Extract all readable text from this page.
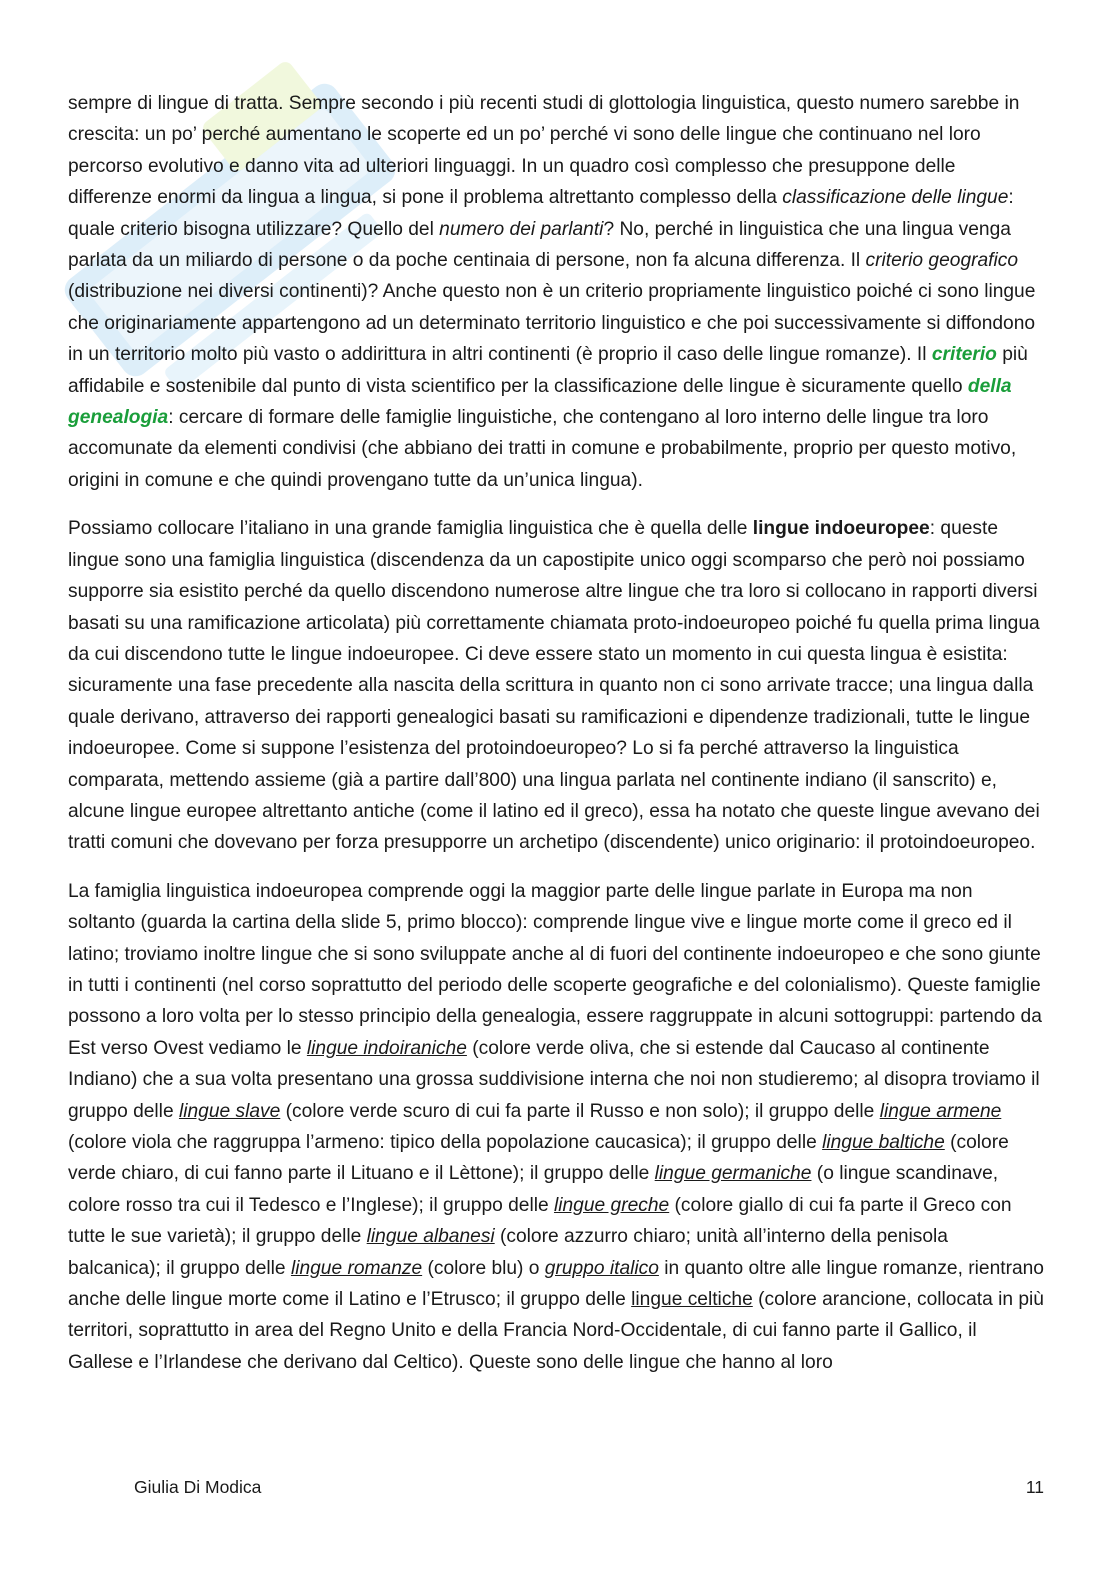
sempre di lingue di tratta. Sempre secondo i più recenti studi di glottologia linguistica, questo numero sarebbe in crescita: un po’ perché aumentano le scoperte ed un po’ perché vi sono delle lingue che continuano nel loro percorso evolutivo e danno vita ad ulteriori linguaggi. In un quadro così complesso che presuppone delle differenze enormi da lingua a lingua, si pone il problema altrettanto complesso della classificazione delle lingue: quale criterio bisogna utilizzare? Quello del numero dei parlanti? No, perché in linguistica che una lingua venga parlata da un miliardo di persone o da poche centinaia di persone, non fa alcuna differenza. Il criterio geografico (distribuzione nei diversi continenti)? Anche questo non è un criterio propriamente linguistico poiché ci sono lingue che originariamente appartengono ad un determinato territorio linguistico e che poi successivamente si diffondono in un territorio molto più vasto o addirittura in altri continenti (è proprio il caso delle lingue romanze). Il criterio più affidabile e sostenibile dal punto di vista scientifico per la classificazione delle lingue è sicuramente quello della genealogia: cercare di formare delle famiglie linguistiche, che contengano al loro interno delle lingue tra loro accomunate da elementi condivisi (che abbiano dei tratti in comune e probabilmente, proprio per questo motivo, origini in comune e che quindi provengano tutte da un’unica lingua).

Possiamo collocare l’italiano in una grande famiglia linguistica che è quella delle lingue indoeuropee: queste lingue sono una famiglia linguistica (discendenza da un capostipite unico oggi scomparso che però noi possiamo supporre sia esistito perché da quello discendono numerose altre lingue che tra loro si collocano in rapporti diversi basati su una ramificazione articolata) più correttamente chiamata proto-indoeuropeo poiché fu quella prima lingua da cui discendono tutte le lingue indoeuropee. Ci deve essere stato un momento in cui questa lingua è esistita: sicuramente una fase precedente alla nascita della scrittura in quanto non ci sono arrivate tracce; una lingua dalla quale derivano, attraverso dei rapporti genealogici basati su ramificazioni e dipendenze tradizionali, tutte le lingue indoeuropee. Come si suppone l’esistenza del protoindoeuropeo? Lo si fa perché attraverso la linguistica comparata, mettendo assieme (già a partire dall’800) una lingua parlata nel continente indiano (il sanscrito) e, alcune lingue europee altrettanto antiche (come il latino ed il greco), essa ha notato che queste lingue avevano dei tratti comuni che dovevano per forza presupporre un archetipo (discendente) unico originario: il protoindoeuropeo.

La famiglia linguistica indoeuropea comprende oggi la maggior parte delle lingue parlate in Europa ma non soltanto (guarda la cartina della slide 5, primo blocco): comprende lingue vive e lingue morte come il greco ed il latino; troviamo inoltre lingue che si sono sviluppate anche al di fuori del continente indoeuropeo e che sono giunte in tutti i continenti (nel corso soprattutto del periodo delle scoperte geografiche e del colonialismo). Queste famiglie possono a loro volta per lo stesso principio della genealogia, essere raggruppate in alcuni sottogruppi: partendo da Est verso Ovest vediamo le lingue indoiraniche (colore verde oliva, che si estende dal Caucaso al continente Indiano) che a sua volta presentano una grossa suddivisione interna che noi non studieremo; al disopra troviamo il gruppo delle lingue slave (colore verde scuro di cui fa parte il Russo e non solo); il gruppo delle lingue armene (colore viola che raggruppa l’armeno: tipico della popolazione caucasica); il gruppo delle lingue baltiche (colore verde chiaro, di cui fanno parte il Lituano e il Lèttone); il gruppo delle lingue germaniche (o lingue scandinave, colore rosso tra cui il Tedesco e l’Inglese); il gruppo delle lingue greche (colore giallo di cui fa parte il Greco con tutte le sue varietà); il gruppo delle lingue albanesi (colore azzurro chiaro; unità all’interno della penisola balcanica); il gruppo delle lingue romanze (colore blu) o gruppo italico in quanto oltre alle lingue romanze, rientrano anche delle lingue morte come il Latino e l’Etrusco; il gruppo delle lingue celtiche (colore arancione, collocata in più territori, soprattutto in area del Regno Unito e della Francia Nord-Occidentale, di cui fanno parte il Gallico, il Gallese e l’Irlandese che derivano dal Celtico). Queste sono delle lingue che hanno al loro

Giulia Di Modica	11
